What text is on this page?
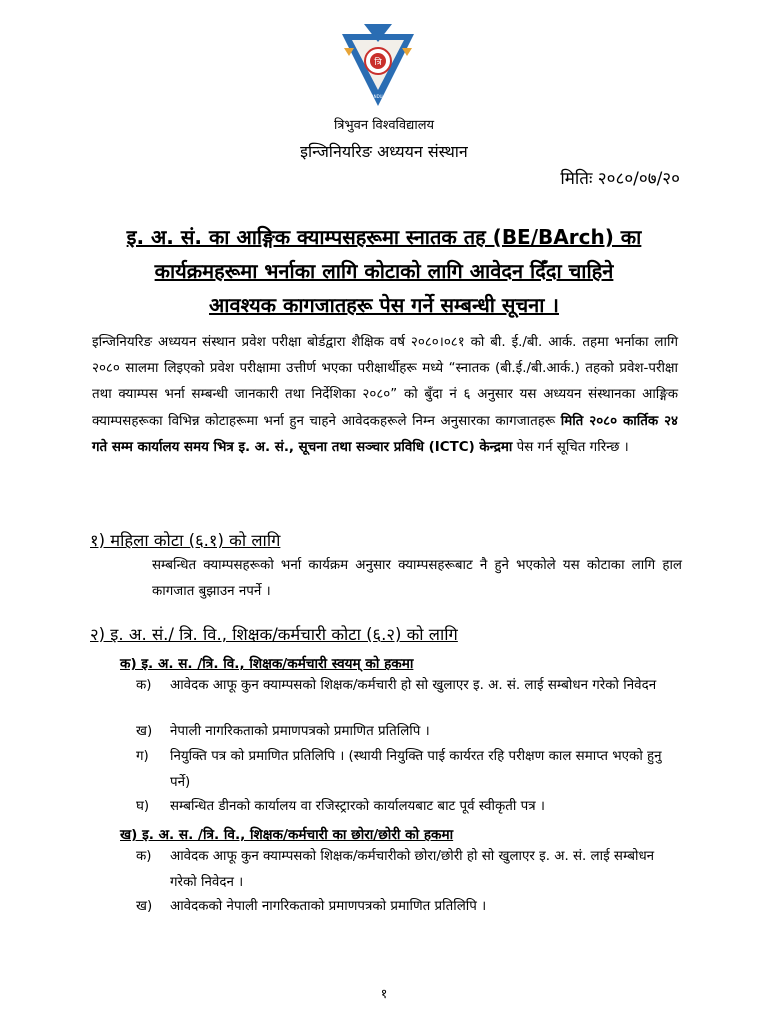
त्रि
KATHMANDU · NEPAL
त्रिभुवन विश्वविद्यालय
इन्जिनियरिङ अध्ययन संस्थान
मितिः २०८०/०७/२०
इ. अ. सं. का आङ्गिक क्याम्पसहरूमा स्नातक तह (BE/BArch) का
कार्यक्रमहरूमा भर्नाका लागि कोटाको लागि आवेदन दिँदा चाहिने
आवश्यक कागजातहरू पेस गर्ने सम्बन्धी सूचना ।
इन्जिनियरिङ अध्ययन संस्थान प्रवेश परीक्षा बोर्डद्वारा शैक्षिक वर्ष २०८०।०८१ को बी. ई./बी. आर्क. तहमा भर्नाका लागि २०८० सालमा लिइएको प्रवेश परीक्षामा उत्तीर्ण भएका परीक्षार्थीहरू मध्ये “स्नातक (बी.ई./बी.आर्क.) तहको प्रवेश-परीक्षा तथा क्याम्पस भर्ना सम्बन्धी जानकारी तथा निर्देशिका २०८०” को बुँदा नं ६ अनुसार यस अध्ययन संस्थानका आङ्गिक क्याम्पसहरूका विभिन्न कोटाहरूमा भर्ना हुन चाहने आवेदकहरूले निम्न अनुसारका कागजातहरू मिति २०८० कार्तिक २४ गते सम्म कार्यालय समय भित्र इ. अ. सं., सूचना तथा सञ्चार प्रविधि (ICTC) केन्द्रमा पेस गर्न सूचित गरिन्छ ।
१) महिला कोटा (६.१) को लागि
सम्बन्धित क्याम्पसहरूको भर्ना कार्यक्रम अनुसार क्याम्पसहरूबाट नै हुने भएकोले यस कोटाका लागि हाल कागजात बुझाउन नपर्ने ।
२) इ. अ. सं./ त्रि. वि., शिक्षक/कर्मचारी कोटा (६.२) को लागि
क) इ. अ. स. /त्रि. वि., शिक्षक/कर्मचारी स्वयम् को हकमा
क)	आवेदक आफू कुन क्याम्पसको शिक्षक/कर्मचारी हो सो खुलाएर इ. अ. सं. लाई सम्बोधन गरेको निवेदन
ख)	नेपाली नागरिकताको प्रमाणपत्रको प्रमाणित प्रतिलिपि ।
ग)	नियुक्ति पत्र को प्रमाणित प्रतिलिपि । (स्थायी नियुक्ति पाई कार्यरत रहि परीक्षण काल समाप्त भएको हुनु पर्ने)
घ)	सम्बन्धित डीनको कार्यालय वा रजिस्ट्रारको कार्यालयबाट बाट पूर्व स्वीकृती पत्र ।
ख) इ. अ. स. /त्रि. वि., शिक्षक/कर्मचारी का छोरा/छोरी को हकमा
क)	आवेदक आफू कुन क्याम्पसको शिक्षक/कर्मचारीको छोरा/छोरी हो सो खुलाएर इ. अ. सं. लाई सम्बोधन गरेको निवेदन ।
ख)	आवेदकको नेपाली नागरिकताको प्रमाणपत्रको प्रमाणित प्रतिलिपि ।
१
